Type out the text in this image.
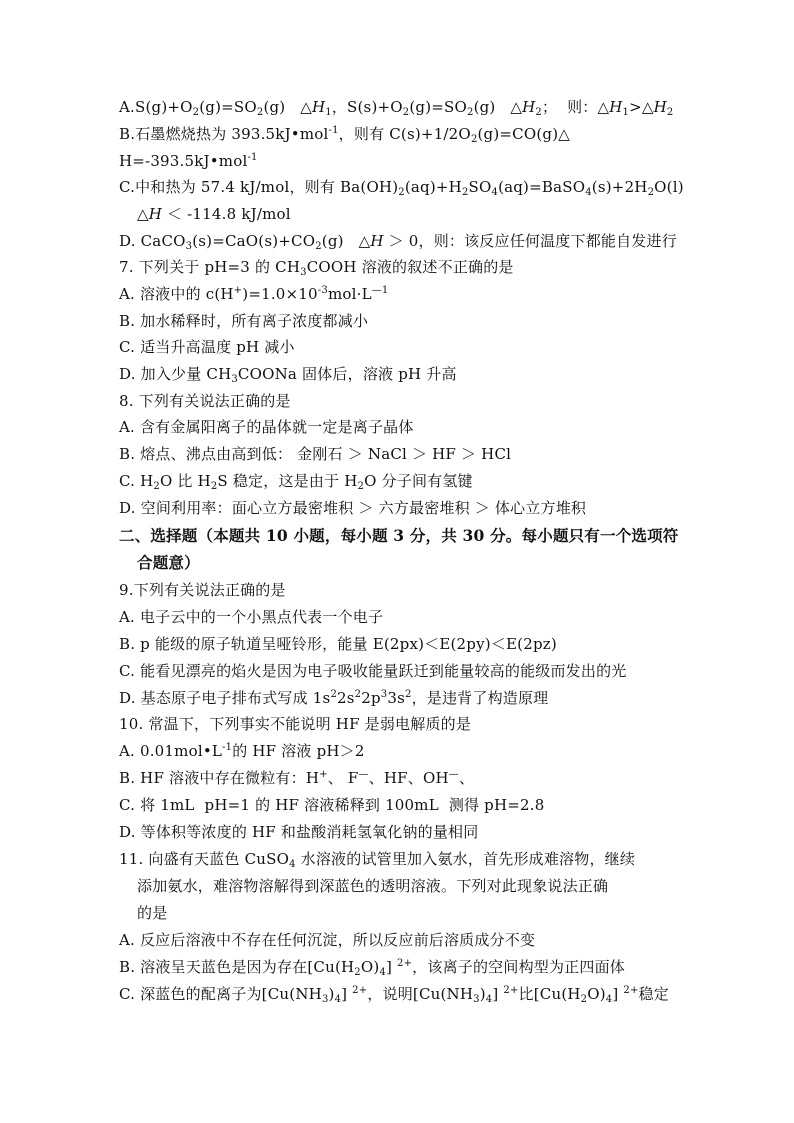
$A.S(g)+O_2(g)=SO_2(g)$   $\triangle H_1$，$S(s)+O_2(g)=SO_2(g)$   $\triangle H_2$；  则：$\triangle H_1>\triangle H_2$
B.石墨燃烧热为 393.5kJ•mol$^{-1}$，则有 $C(s)+1/2O_2(g)=CO(g)\triangle$
H=-393.5kJ•mol$^{-1}$
C.中和热为 57.4 kJ/mol，则有 $Ba(OH)_2(aq)+H_2SO_4(aq)=BaSO_4(s)+2H_2O(l)$
△H ＜ -114.8 kJ/mol
D. $CaCO_3(s)=CaO(s)+CO_2(g)$   △H ＞ 0，则：该反应任何温度下都能自发进行
7. 下列关于 pH=3 的 $CH_3COOH$ 溶液的叙述不正确的是
A. 溶液中的 $c(H^+)=1.0\times 10^{-3}mol\cdot L^{—1}$
B. 加水稀释时，所有离子浓度都减小
C. 适当升高温度 pH 减小
D. 加入少量 $CH_3COONa$ 固体后，溶液 pH 升高
8. 下列有关说法正确的是
A. 含有金属阳离子的晶体就一定是离子晶体
B. 熔点、沸点由高到低： 金刚石 ＞ NaCl ＞ HF ＞ HCl
C. $H_2O$ 比 $H_2S$ 稳定，这是由于 $H_2O$ 分子间有氢键
D. 空间利用率：面心立方最密堆积 ＞ 六方最密堆积 ＞ 体心立方堆积
二、选择题（本题共 10 小题，每小题 3 分，共 30 分。每小题只有一个选项符
合题意）
9.下列有关说法正确的是
A. 电子云中的一个小黑点代表一个电子
B. p 能级的原子轨道呈哑铃形，能量 E(2px)＜E(2py)＜E(2pz)
C. 能看见漂亮的焰火是因为电子吸收能量跃迁到能量较高的能级而发出的光
D. 基态原子电子排布式写成 $1s^22s^22p^33s^2$，是违背了构造原理
10. 常温下，下列事实不能说明 HF 是弱电解质的是
A. $0.01mol•L^{-1}$的 HF 溶液 pH＞2
B. HF 溶液中存在微粒有：H+、 F—、HF、OH—、
C. 将 1mL  pH=1 的 HF 溶液稀释到 100mL  测得 pH=2.8
D. 等体积等浓度的 HF 和盐酸消耗氢氧化钠的量相同
11. 向盛有天蓝色 CuSO$_4$ 水溶液的试管里加入氨水，首先形成难溶物，继续
添加氨水，难溶物溶解得到深蓝色的透明溶液。下列对此现象说法正确
的是
A. 反应后溶液中不存在任何沉淀，所以反应前后溶质成分不变
B. 溶液呈天蓝色是因为存在$[Cu(H_2O)_4]$ $^{2+}$，该离子的空间构型为正四面体
C. 深蓝色的配离子为$[Cu(NH_3)_4]$ $^{2+}$，说明$[Cu(NH_3)_4]$ $^{2+}$比$[Cu(H_2O)_4]$ $^{2+}$稳定
